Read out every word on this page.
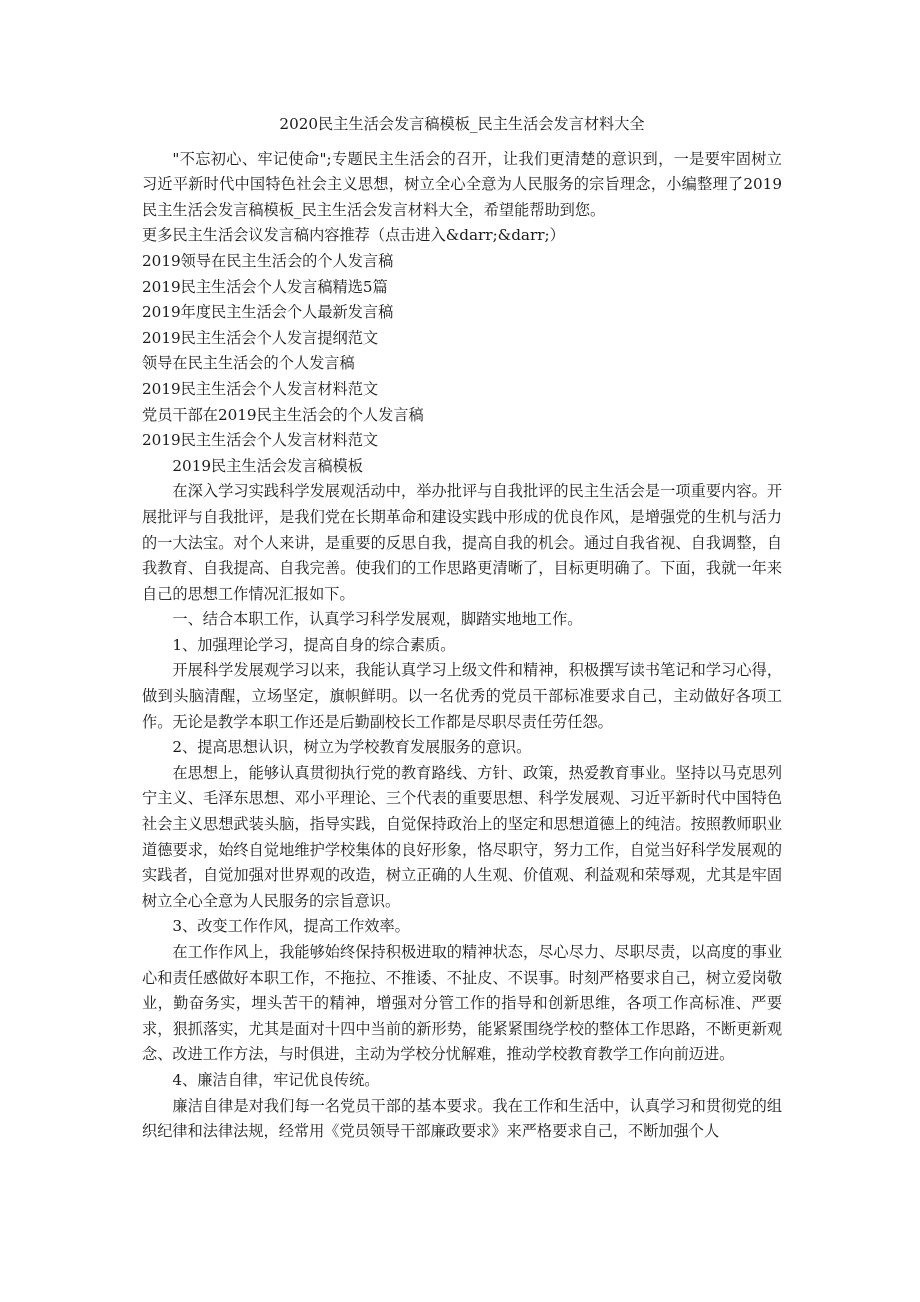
2020民主生活会发言稿模板_民主生活会发言材料大全

"不忘初心、牢记使命";专题民主生活会的召开，让我们更清楚的意识到，一是要牢固树立习近平新时代中国特色社会主义思想，树立全心全意为人民服务的宗旨理念，小编整理了2019民主生活会发言稿模板_民主生活会发言材料大全，希望能帮助到您。

更多民主生活会议发言稿内容推荐（点击进入&darr;&darr;）

2019领导在民主生活会的个人发言稿
2019民主生活会个人发言稿精选5篇
2019年度民主生活会个人最新发言稿
2019民主生活会个人发言提纲范文
领导在民主生活会的个人发言稿
2019民主生活会个人发言材料范文
党员干部在2019民主生活会的个人发言稿
2019民主生活会个人发言材料范文

2019民主生活会发言稿模板

在深入学习实践科学发展观活动中，举办批评与自我批评的民主生活会是一项重要内容。开展批评与自我批评，是我们党在长期革命和建设实践中形成的优良作风，是增强党的生机与活力的一大法宝。对个人来讲，是重要的反思自我，提高自我的机会。通过自我省视、自我调整，自我教育、自我提高、自我完善。使我们的工作思路更清晰了，目标更明确了。下面，我就一年来自己的思想工作情况汇报如下。

一、结合本职工作，认真学习科学发展观，脚踏实地地工作。

1、加强理论学习，提高自身的综合素质。

开展科学发展观学习以来，我能认真学习上级文件和精神，积极撰写读书笔记和学习心得，做到头脑清醒，立场坚定，旗帜鲜明。以一名优秀的党员干部标准要求自己，主动做好各项工作。无论是教学本职工作还是后勤副校长工作都是尽职尽责任劳任怨。

2、提高思想认识，树立为学校教育发展服务的意识。

在思想上，能够认真贯彻执行党的教育路线、方针、政策，热爱教育事业。坚持以马克思列宁主义、毛泽东思想、邓小平理论、三个代表的重要思想、科学发展观、习近平新时代中国特色社会主义思想武装头脑，指导实践，自觉保持政治上的坚定和思想道德上的纯洁。按照教师职业道德要求，始终自觉地维护学校集体的良好形象，恪尽职守，努力工作，自觉当好科学发展观的实践者，自觉加强对世界观的改造，树立正确的人生观、价值观、利益观和荣辱观，尤其是牢固树立全心全意为人民服务的宗旨意识。

3、改变工作作风，提高工作效率。

在工作作风上，我能够始终保持积极进取的精神状态，尽心尽力、尽职尽责，以高度的事业心和责任感做好本职工作，不拖拉、不推诿、不扯皮、不误事。时刻严格要求自己，树立爱岗敬业，勤奋务实，埋头苦干的精神，增强对分管工作的指导和创新思维，各项工作高标准、严要求，狠抓落实，尤其是面对十四中当前的新形势，能紧紧围绕学校的整体工作思路，不断更新观念、改进工作方法，与时俱进，主动为学校分忧解难，推动学校教育教学工作向前迈进。

4、廉洁自律，牢记优良传统。

廉洁自律是对我们每一名党员干部的基本要求。我在工作和生活中，认真学习和贯彻党的组织纪律和法律法规，经常用《党员领导干部廉政要求》来严格要求自己，不断加强个人
